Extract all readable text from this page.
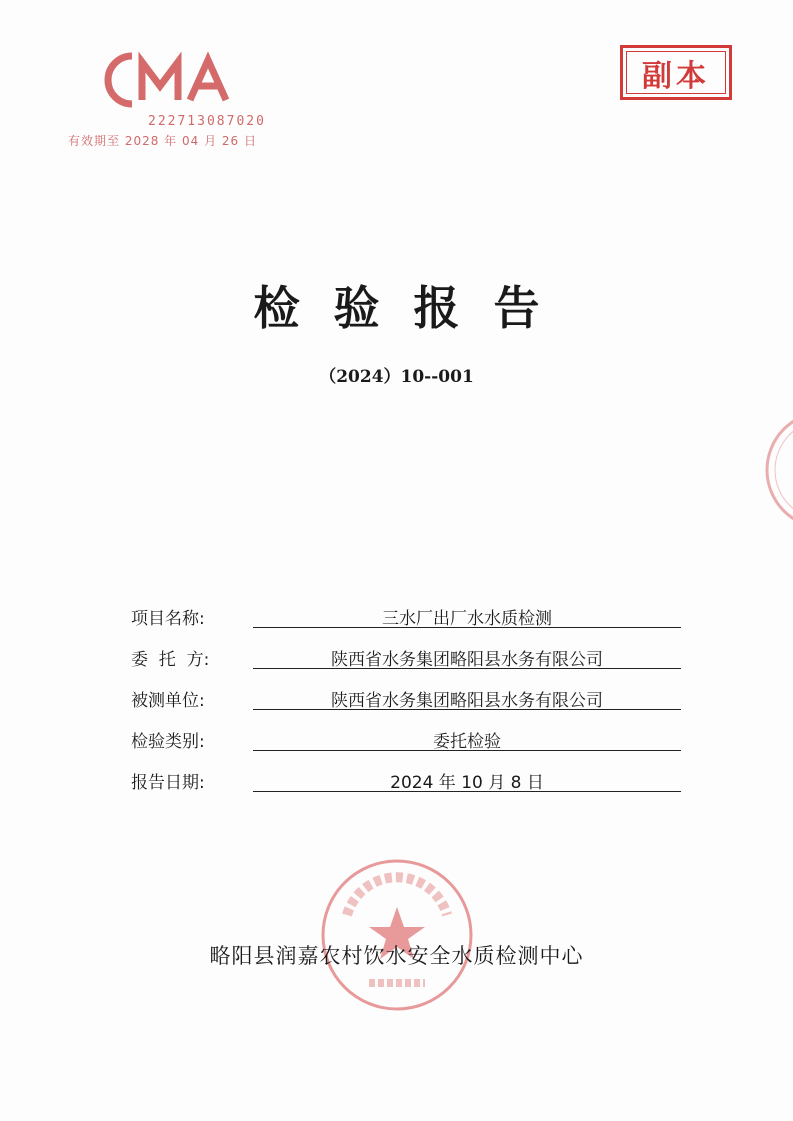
222713087020
有效期至 2028 年 04 月 26 日
副本
检验报告
（2024）10--001
项目名称:	三水厂出厂水水质检测
委  托  方:	陕西省水务集团略阳县水务有限公司
被测单位:	陕西省水务集团略阳县水务有限公司
检验类别:	委托检验
报告日期:	2024 年 10 月 8 日
略阳县润嘉农村饮水安全水质检测中心
